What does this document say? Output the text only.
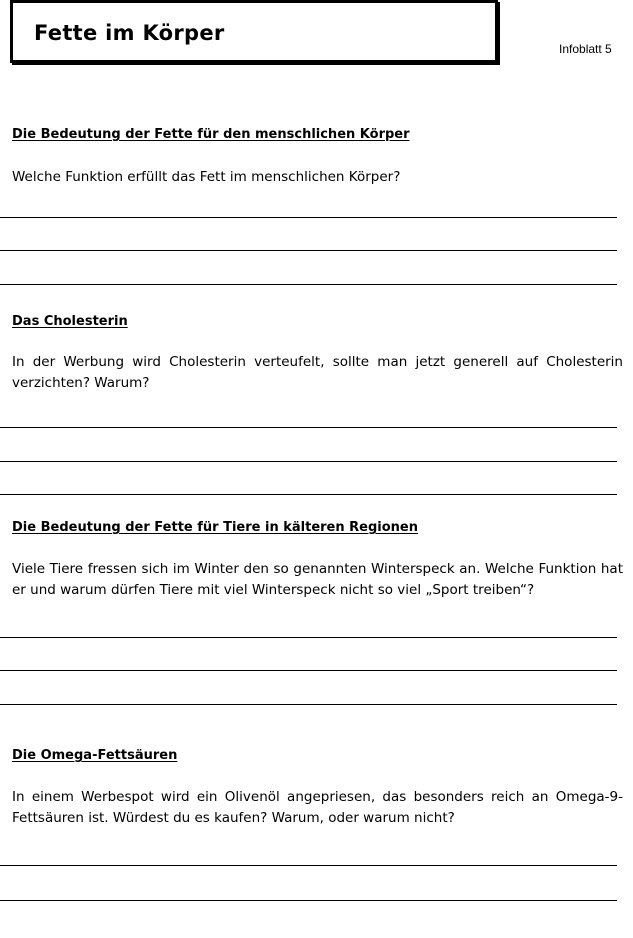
Fette im Körper
Infoblatt 5
Die Bedeutung der Fette für den menschlichen Körper
Welche Funktion erfüllt das Fett im menschlichen Körper?
Das Cholesterin
In der Werbung wird Cholesterin verteufelt, sollte man jetzt generell auf Cholesterin verzichten? Warum?
Die Bedeutung der Fette für Tiere in kälteren Regionen
Viele Tiere fressen sich im Winter den so genannten Winterspeck an. Welche Funktion hat er und warum dürfen Tiere mit viel Winterspeck nicht so viel „Sport treiben“?
Die Omega-Fettsäuren
In einem Werbespot wird ein Olivenöl angepriesen, das besonders reich an Omega-9-Fettsäuren ist. Würdest du es kaufen? Warum, oder warum nicht?
